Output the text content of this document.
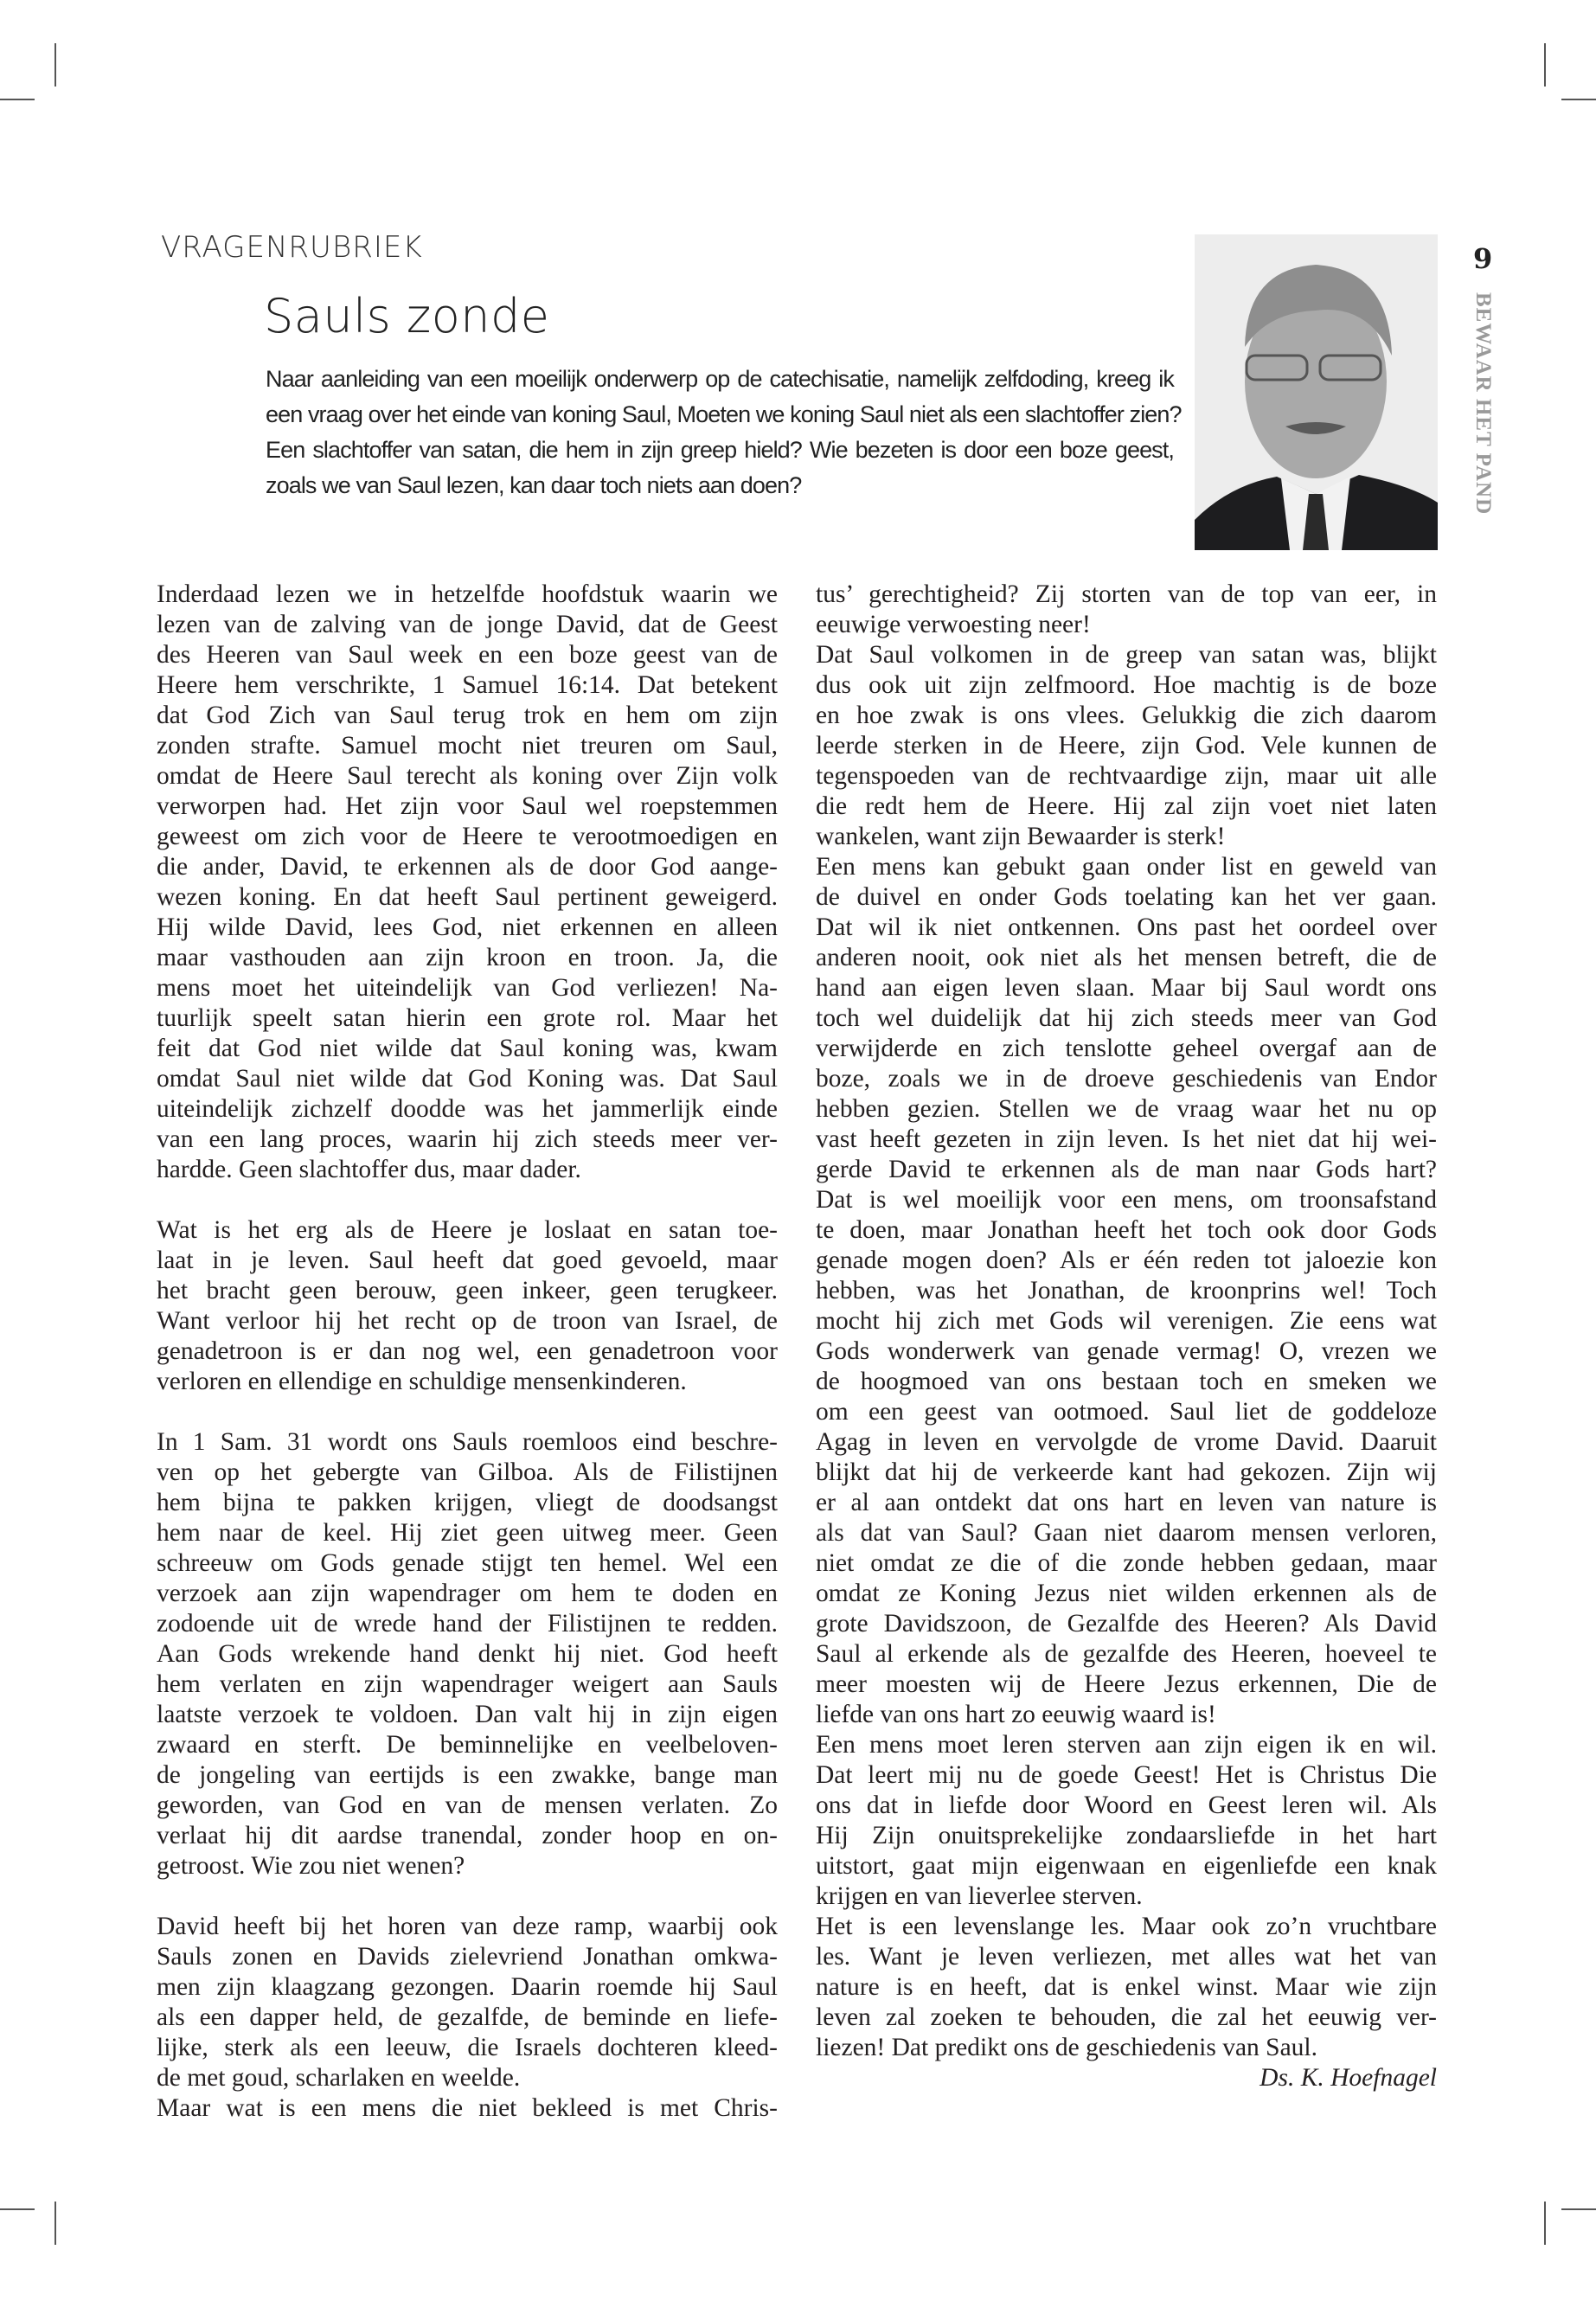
VRAGENRUBRIEK
Sauls zonde
Naar aanleiding van een moeilijk onderwerp op de catechisatie, namelijk zelfdoding, kreeg ik
een vraag over het einde van koning Saul, Moeten we koning Saul niet als een slachtoffer zien?
Een slachtoffer van satan, die hem in zijn greep hield? Wie bezeten is door een boze geest,
zoals we van Saul lezen, kan daar toch niets aan doen?
9
BEWAAR HET PAND
Inderdaad lezen we in hetzelfde hoofdstuk waarin we
lezen van de zalving van de jonge David, dat de Geest
des Heeren van Saul week en een boze geest van de
Heere hem verschrikte, 1 Samuel 16:14. Dat betekent
dat God Zich van Saul terug trok en hem om zijn
zonden strafte. Samuel mocht niet treuren om Saul,
omdat de Heere Saul terecht als koning over Zijn volk
verworpen had. Het zijn voor Saul wel roepstemmen
geweest om zich voor de Heere te verootmoedigen en
die ander, David, te erkennen als de door God aange-
wezen koning. En dat heeft Saul pertinent geweigerd.
Hij wilde David, lees God, niet erkennen en alleen
maar vasthouden aan zijn kroon en troon. Ja, die
mens moet het uiteindelijk van God verliezen! Na-
tuurlijk speelt satan hierin een grote rol. Maar het
feit dat God niet wilde dat Saul koning was, kwam
omdat Saul niet wilde dat God Koning was. Dat Saul
uiteindelijk zichzelf doodde was het jammerlijk einde
van een lang proces, waarin hij zich steeds meer ver-
hardde. Geen slachtoffer dus, maar dader.
Wat is het erg als de Heere je loslaat en satan toe-
laat in je leven. Saul heeft dat goed gevoeld, maar
het bracht geen berouw, geen inkeer, geen terugkeer.
Want verloor hij het recht op de troon van Israel, de
genadetroon is er dan nog wel, een genadetroon voor
verloren en ellendige en schuldige mensenkinderen.
In 1 Sam. 31 wordt ons Sauls roemloos eind beschre-
ven op het gebergte van Gilboa. Als de Filistijnen
hem bijna te pakken krijgen, vliegt de doodsangst
hem naar de keel. Hij ziet geen uitweg meer. Geen
schreeuw om Gods genade stijgt ten hemel. Wel een
verzoek aan zijn wapendrager om hem te doden en
zodoende uit de wrede hand der Filistijnen te redden.
Aan Gods wrekende hand denkt hij niet. God heeft
hem verlaten en zijn wapendrager weigert aan Sauls
laatste verzoek te voldoen. Dan valt hij in zijn eigen
zwaard en sterft. De beminnelijke en veelbeloven-
de jongeling van eertijds is een zwakke, bange man
geworden, van God en van de mensen verlaten. Zo
verlaat hij dit aardse tranendal, zonder hoop en on-
getroost. Wie zou niet wenen?
David heeft bij het horen van deze ramp, waarbij ook
Sauls zonen en Davids zielevriend Jonathan omkwa-
men zijn klaagzang gezongen. Daarin roemde hij Saul
als een dapper held, de gezalfde, de beminde en liefe-
lijke, sterk als een leeuw, die Israels dochteren kleed-
de met goud, scharlaken en weelde.
Maar wat is een mens die niet bekleed is met Chris-
tus’ gerechtigheid? Zij storten van de top van eer, in
eeuwige verwoesting neer!
Dat Saul volkomen in de greep van satan was, blijkt
dus ook uit zijn zelfmoord. Hoe machtig is de boze
en hoe zwak is ons vlees. Gelukkig die zich daarom
leerde sterken in de Heere, zijn God. Vele kunnen de
tegenspoeden van de rechtvaardige zijn, maar uit alle
die redt hem de Heere. Hij zal zijn voet niet laten
wankelen, want zijn Bewaarder is sterk!
Een mens kan gebukt gaan onder list en geweld van
de duivel en onder Gods toelating kan het ver gaan.
Dat wil ik niet ontkennen. Ons past het oordeel over
anderen nooit, ook niet als het mensen betreft, die de
hand aan eigen leven slaan. Maar bij Saul wordt ons
toch wel duidelijk dat hij zich steeds meer van God
verwijderde en zich tenslotte geheel overgaf aan de
boze, zoals we in de droeve geschiedenis van Endor
hebben gezien. Stellen we de vraag waar het nu op
vast heeft gezeten in zijn leven. Is het niet dat hij wei-
gerde David te erkennen als de man naar Gods hart?
Dat is wel moeilijk voor een mens, om troonsafstand
te doen, maar Jonathan heeft het toch ook door Gods
genade mogen doen? Als er één reden tot jaloezie kon
hebben, was het Jonathan, de kroonprins wel! Toch
mocht hij zich met Gods wil verenigen. Zie eens wat
Gods wonderwerk van genade vermag! O, vrezen we
de hoogmoed van ons bestaan toch en smeken we
om een geest van ootmoed. Saul liet de goddeloze
Agag in leven en vervolgde de vrome David. Daaruit
blijkt dat hij de verkeerde kant had gekozen. Zijn wij
er al aan ontdekt dat ons hart en leven van nature is
als dat van Saul? Gaan niet daarom mensen verloren,
niet omdat ze die of die zonde hebben gedaan, maar
omdat ze Koning Jezus niet wilden erkennen als de
grote Davidszoon, de Gezalfde des Heeren? Als David
Saul al erkende als de gezalfde des Heeren, hoeveel te
meer moesten wij de Heere Jezus erkennen, Die de
liefde van ons hart zo eeuwig waard is!
Een mens moet leren sterven aan zijn eigen ik en wil.
Dat leert mij nu de goede Geest! Het is Christus Die
ons dat in liefde door Woord en Geest leren wil. Als
Hij Zijn onuitsprekelijke zondaarsliefde in het hart
uitstort, gaat mijn eigenwaan en eigenliefde een knak
krijgen en van lieverlee sterven.
Het is een levenslange les. Maar ook zo’n vruchtbare
les. Want je leven verliezen, met alles wat het van
nature is en heeft, dat is enkel winst. Maar wie zijn
leven zal zoeken te behouden, die zal het eeuwig ver-
liezen! Dat predikt ons de geschiedenis van Saul.
Ds. K. Hoefnagel
